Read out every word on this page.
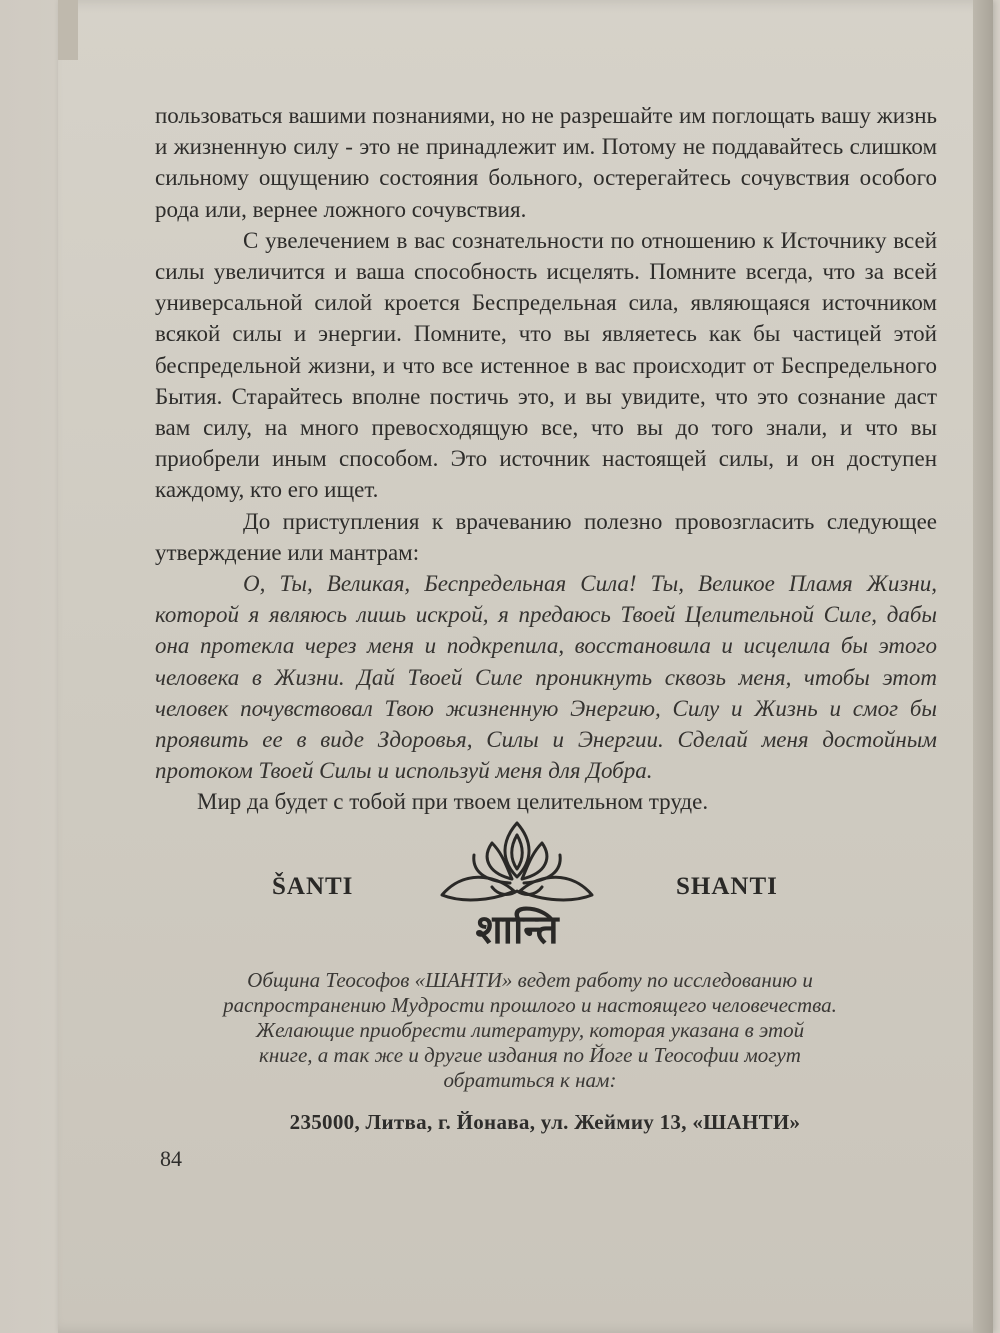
пользоваться вашими познаниями, но не разрешайте им поглощать вашу жизнь и жизненную силу - это не принадлежит им. Потому не поддавайтесь слишком сильному ощущению состояния больного, остерегайтесь сочувствия особого рода или, вернее ложного сочувствия.

С увелечением в вас сознательности по отношению к Источнику всей силы увеличится и ваша способность исцелять. Помните всегда, что за всей универсальной силой кроется Беспредельная сила, являющаяся источником всякой силы и энергии. Помните, что вы являетесь как бы частицей этой беспредельной жизни, и что все истенное в вас происходит от Беспредельного Бытия. Старайтесь вполне постичь это, и вы увидите, что это сознание даст вам силу, на много превосходящую все, что вы до того знали, и что вы приобрели иным способом. Это источник настоящей силы, и он доступен каждому, кто его ищет.

До приступления к врачеванию полезно провозгласить следующее утверждение или мантрам:

О, Ты, Великая, Беспредельная Сила! Ты, Великое Пламя Жизни, которой я являюсь лишь искрой, я предаюсь Твоей Целительной Силе, дабы она протекла через меня и подкрепила, восстановила и исцелила бы этого человека в Жизни. Дай Твоей Силе проникнуть сквозь меня, чтобы этот человек почувствовал Твою жизненную Энергию, Силу и Жизнь и смог бы проявить ее в виде Здоровья, Силы и Энергии. Сделай меня достойным протоком Твоей Силы и используй меня для Добра.

Мир да будет с тобой при твоем целительном труде.

ŠANTI
शान्ति
SHANTI

Община Теософов «ШАНТИ» ведет работу по исследованию и

распространению Мудрости прошлого и настоящего человечества.

Желающие приобрести литературу, которая указана в этой

книге, а так же и другие издания по Йоге и Теософии могут

обратиться к нам:

235000, Литва, г. Йонава, ул. Жеймиу 13, «ШАНТИ»
84
